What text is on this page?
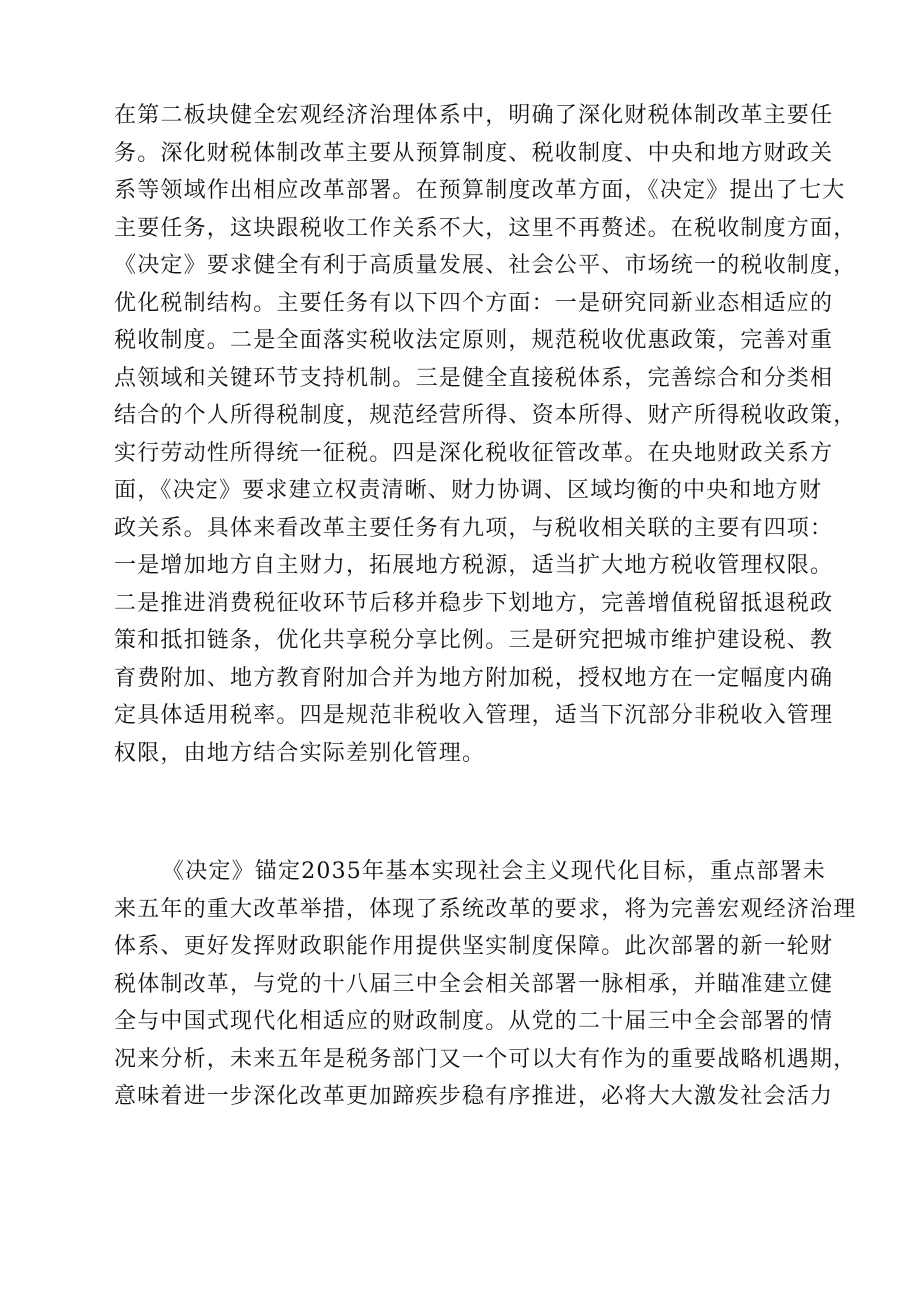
在第二板块健全宏观经济治理体系中，明确了深化财税体制改革主要任
务。深化财税体制改革主要从预算制度、税收制度、中央和地方财政关
系等领域作出相应改革部署。在预算制度改革方面，《决定》提出了七大
主要任务，这块跟税收工作关系不大，这里不再赘述。在税收制度方面，
《决定》要求健全有利于高质量发展、社会公平、市场统一的税收制度，
优化税制结构。主要任务有以下四个方面：一是研究同新业态相适应的
税收制度。二是全面落实税收法定原则，规范税收优惠政策，完善对重
点领域和关键环节支持机制。三是健全直接税体系，完善综合和分类相
结合的个人所得税制度，规范经营所得、资本所得、财产所得税收政策，
实行劳动性所得统一征税。四是深化税收征管改革。在央地财政关系方
面，《决定》要求建立权责清晰、财力协调、区域均衡的中央和地方财
政关系。具体来看改革主要任务有九项，与税收相关联的主要有四项：
一是增加地方自主财力，拓展地方税源，适当扩大地方税收管理权限。
二是推进消费税征收环节后移并稳步下划地方，完善增值税留抵退税政
策和抵扣链条，优化共享税分享比例。三是研究把城市维护建设税、教
育费附加、地方教育附加合并为地方附加税，授权地方在一定幅度内确
定具体适用税率。四是规范非税收入管理，适当下沉部分非税收入管理
权限，由地方结合实际差别化管理。
《决定》锚定2035年基本实现社会主义现代化目标，重点部署未
来五年的重大改革举措，体现了系统改革的要求，将为完善宏观经济治理
体系、更好发挥财政职能作用提供坚实制度保障。此次部署的新一轮财
税体制改革，与党的十八届三中全会相关部署一脉相承，并瞄准建立健
全与中国式现代化相适应的财政制度。从党的二十届三中全会部署的情
况来分析，未来五年是税务部门又一个可以大有作为的重要战略机遇期，
意味着进一步深化改革更加蹄疾步稳有序推进，必将大大激发社会活力
